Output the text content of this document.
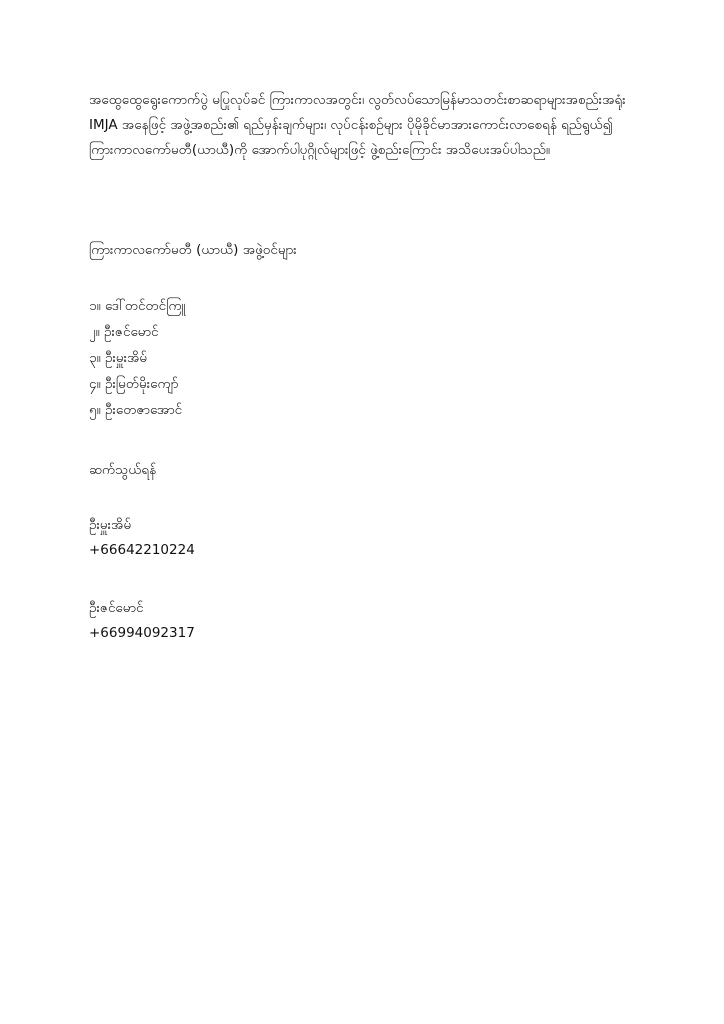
အထွေထွေရွေးကောက်ပွဲ မပြုလုပ်ခင် ကြားကာလအတွင်း၊ လွတ်လပ်သောမြန်မာသတင်းစာဆရာများအစည်းအရုံး IMJA အနေဖြင့် အဖွဲ့အစည်း၏ ရည်မှန်းချက်များ၊ လုပ်ငန်းစဥ်များ ပိုမိုခိုင်မာအားကောင်းလာစေရန် ရည်ရွယ်၍ ကြားကာလကော်မတီ(ယာယီ)ကို အောက်ပါပုဂ္ဂိုလ်များဖြင့် ဖွဲ့စည်းကြောင်း အသိပေးအပ်ပါသည်။

ကြားကာလကော်မတီ (ယာယီ) အဖွဲ့ဝင်များ

၁။ ဒေါ်တင်တင်ကြူ
၂။ ဦးဇင်မောင်
၃။ ဦးမှူးအိမ်
၄။ ဦးမြတ်မိုးကျော်
၅။ ဦးတေဇာအောင်

ဆက်သွယ်ရန်

ဦးမှူးအိမ်
+66642210224
ဦးဇင်မောင်
+66994092317
